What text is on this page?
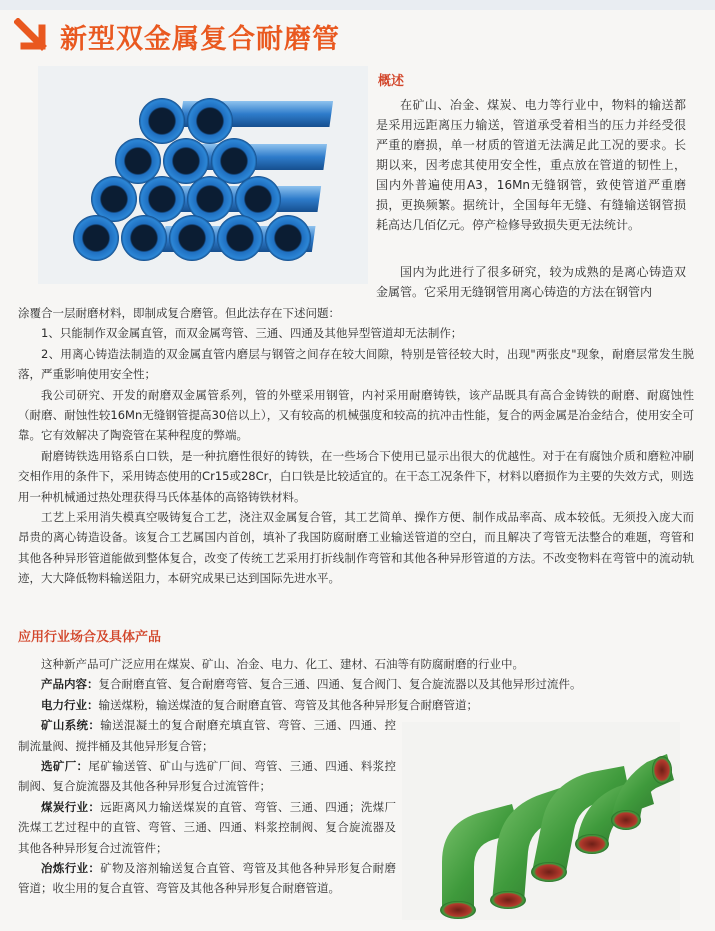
新型双金属复合耐磨管
概述

在矿山、冶金、煤炭、电力等行业中，物料的输送都是采用远距离压力输送，管道承受着相当的压力并经受很严重的磨损，单一材质的管道无法满足此工况的要求。长期以来，因考虑其使用安全性，重点放在管道的韧性上，国内外普遍使用A3，16Mn无缝钢管，致使管道严重磨损，更换频繁。据统计，全国每年无缝、有缝输送钢管损耗高达几佰亿元。停产检修导致损失更无法统计。

国内为此进行了很多研究，较为成熟的是离心铸造双金属管。它采用无缝钢管用离心铸造的方法在钢管内

涂覆合一层耐磨材料，即制成复合磨管。但此法存在下述问题：

1、只能制作双金属直管，而双金属弯管、三通、四通及其他异型管道却无法制作；

2、用离心铸造法制造的双金属直管内磨层与钢管之间存在较大间隙，特别是管径较大时，出现"两张皮"现象，耐磨层常发生脱落，严重影响使用安全性；

我公司研究、开发的耐磨双金属管系列，管的外壁采用钢管，内衬采用耐磨铸铁，该产品既具有高合金铸铁的耐磨、耐腐蚀性（耐磨、耐蚀性较16Mn无缝钢管提高30倍以上），又有较高的机械强度和较高的抗冲击性能，复合的两金属是冶金结合，使用安全可靠。它有效解决了陶瓷管在某种程度的弊端。

耐磨铸铁选用铬系白口铁，是一种抗磨性很好的铸铁，在一些场合下使用已显示出很大的优越性。对于在有腐蚀介质和磨粒冲刷交相作用的条件下，采用铸态使用的Cr15或28Cr，白口铁是比较适宜的。在干态工况条件下，材料以磨损作为主要的失效方式，则选用一种机械通过热处理获得马氏体基体的高铬铸铁材料。

工艺上采用消失模真空吸铸复合工艺，浇注双金属复合管，其工艺简单、操作方便、制作成品率高、成本较低。无须投入庞大而昂贵的离心铸造设备。该复合工艺属国内首创，填补了我国防腐耐磨工业输送管道的空白，而且解决了弯管无法整合的难题，弯管和其他各种异形管道能做到整体复合，改变了传统工艺采用打折线制作弯管和其他各种异形管道的方法。不改变物料在弯管中的流动轨迹，大大降低物料输送阻力，本研究成果已达到国际先进水平。

应用行业场合及具体产品

这种新产品可广泛应用在煤炭、矿山、冶金、电力、化工、建材、石油等有防腐耐磨的行业中。

产品内容：复合耐磨直管、复合耐磨弯管、复合三通、四通、复合阀门、复合旋流器以及其他异形过流件。

电力行业：输送煤粉，输送煤渣的复合耐磨直管、弯管及其他各种异形复合耐磨管道；

矿山系统：输送混凝土的复合耐磨充填直管、弯管、三通、四通、控制流量阀、搅拌桶及其他异形复合管；

选矿厂：尾矿输送管、矿山与选矿厂间、弯管、三通、四通、料浆控制阀、复合旋流器及其他各种异形复合过流管件；

煤炭行业：远距离风力输送煤炭的直管、弯管、三通、四通；洗煤厂洗煤工艺过程中的直管、弯管、三通、四通、料浆控制阀、复合旋流器及其他各种异形复合过流管件；

冶炼行业：矿物及溶剂输送复合直管、弯管及其他各种异形复合耐磨管道；收尘用的复合直管、弯管及其他各种异形复合耐磨管道。
